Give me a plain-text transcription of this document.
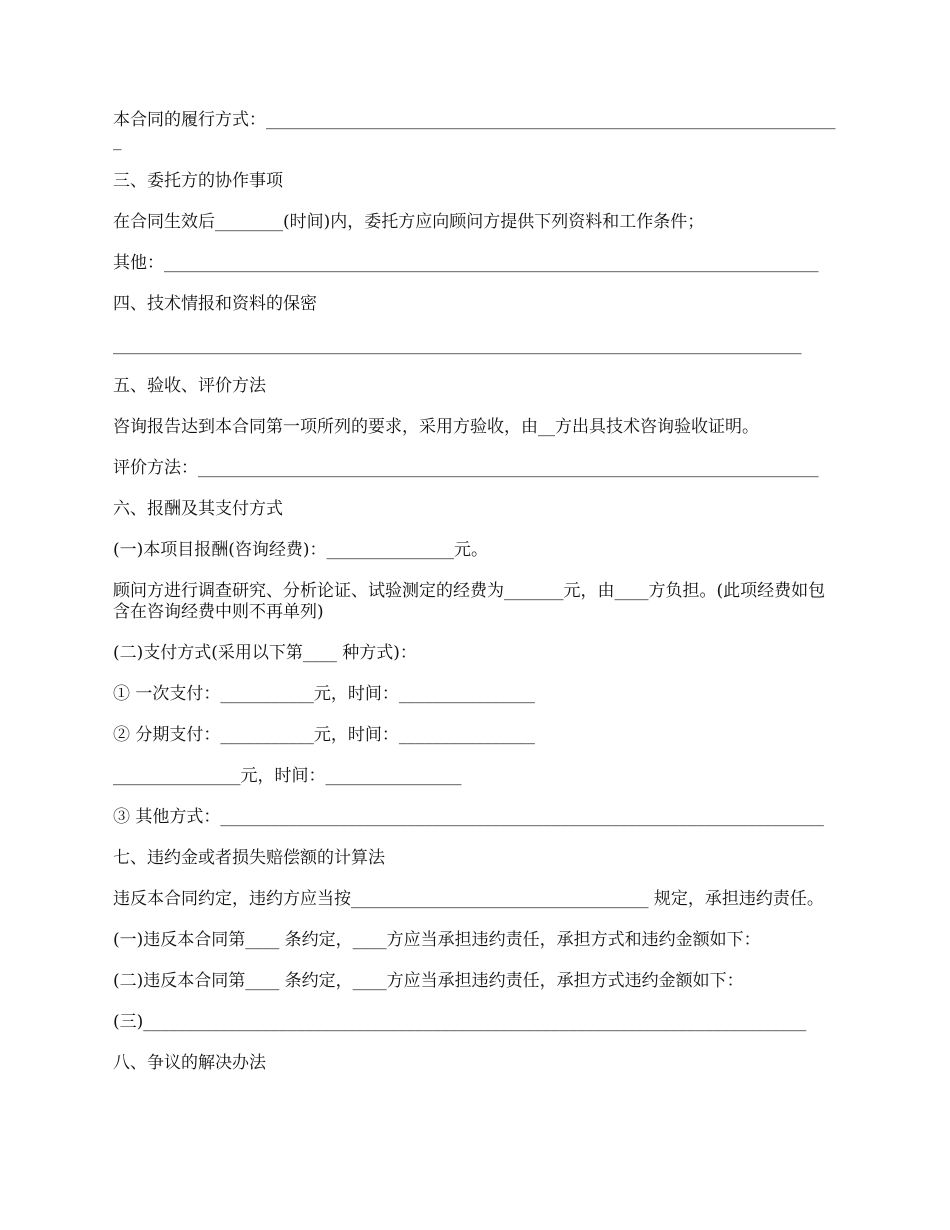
本合同的履行方式：____________________________________________________________________

三、委托方的协作事项

在合同生效后________(时间)内，委托方应向顾问方提供下列资料和工作条件；

其他：_____________________________________________________________________________

四、技术情报和资料的保密

_________________________________________________________________________________

五、验收、评价方法

咨询报告达到本合同第一项所列的要求，采用方验收，由__方出具技术咨询验收证明。

评价方法：_________________________________________________________________________

六、报酬及其支付方式

(一)本项目报酬(咨询经费)：_______________元。

顾问方进行调查研究、分析论证、试验测定的经费为_______元，由____方负担。(此项经费如包含在咨询经费中则不再单列)

(二)支付方式(采用以下第____ 种方式)：

① 一次支付：___________元，时间：________________

② 分期支付：___________元，时间：________________

_______________元，时间：________________

③ 其他方式：_______________________________________________________________________

七、违约金或者损失赔偿额的计算法

违反本合同约定，违约方应当按___________________________________ 规定，承担违约责任。

(一)违反本合同第____ 条约定，____方应当承担违约责任，承担方式和违约金额如下：

(二)违反本合同第____ 条约定，____方应当承担违约责任，承担方式违约金额如下：

(三)______________________________________________________________________________

八、争议的解决办法
